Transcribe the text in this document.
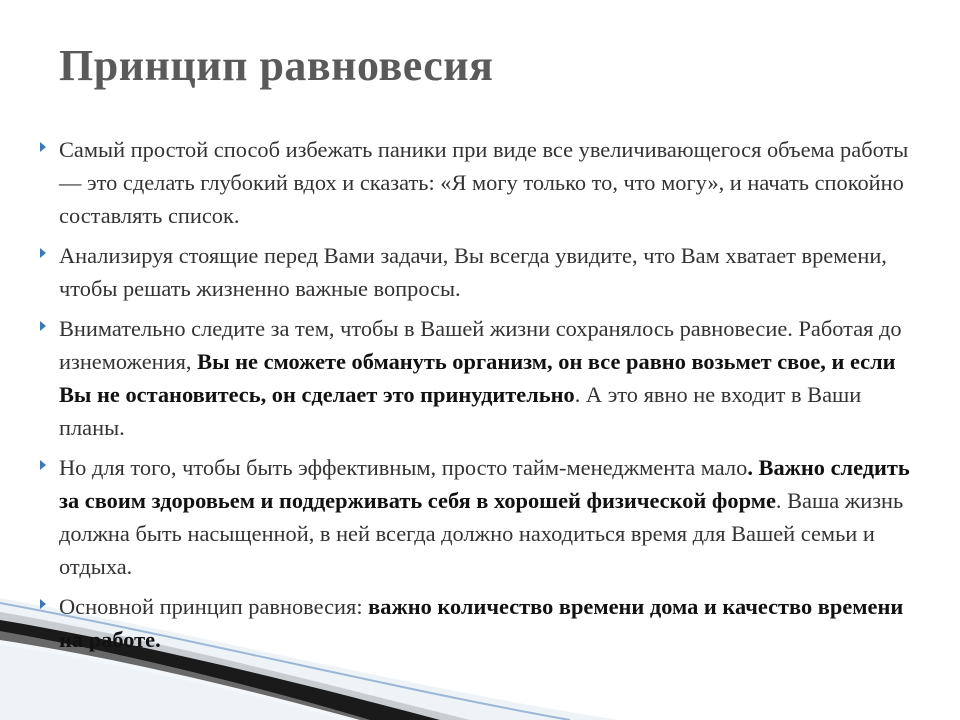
Принцип равновесия
Самый простой способ избежать паники при виде все увеличивающегося объема работы — это сделать глубокий вдох и сказать: «Я могу только то, что могу», и начать спокойно составлять список.
Анализируя стоящие перед Вами задачи, Вы всегда увидите, что Вам хватает времени, чтобы решать жизненно важные вопросы.
Внимательно следите за тем, чтобы в Вашей жизни сохранялось равновесие. Работая до изнеможения, Вы не сможете обмануть организм, он все равно возьмет свое, и если Вы не остановитесь, он сделает это принудительно. А это явно не входит в Ваши планы.
Но для того, чтобы быть эффективным, просто тайм-менеджмента мало. Важно следить за своим здоровьем и поддерживать себя в хорошей физической форме. Ваша жизнь должна быть насыщенной, в ней всегда должно находиться время для Вашей семьи и отдыха.
Основной принцип равновесия: важно количество времени дома и качество времени на работе.
